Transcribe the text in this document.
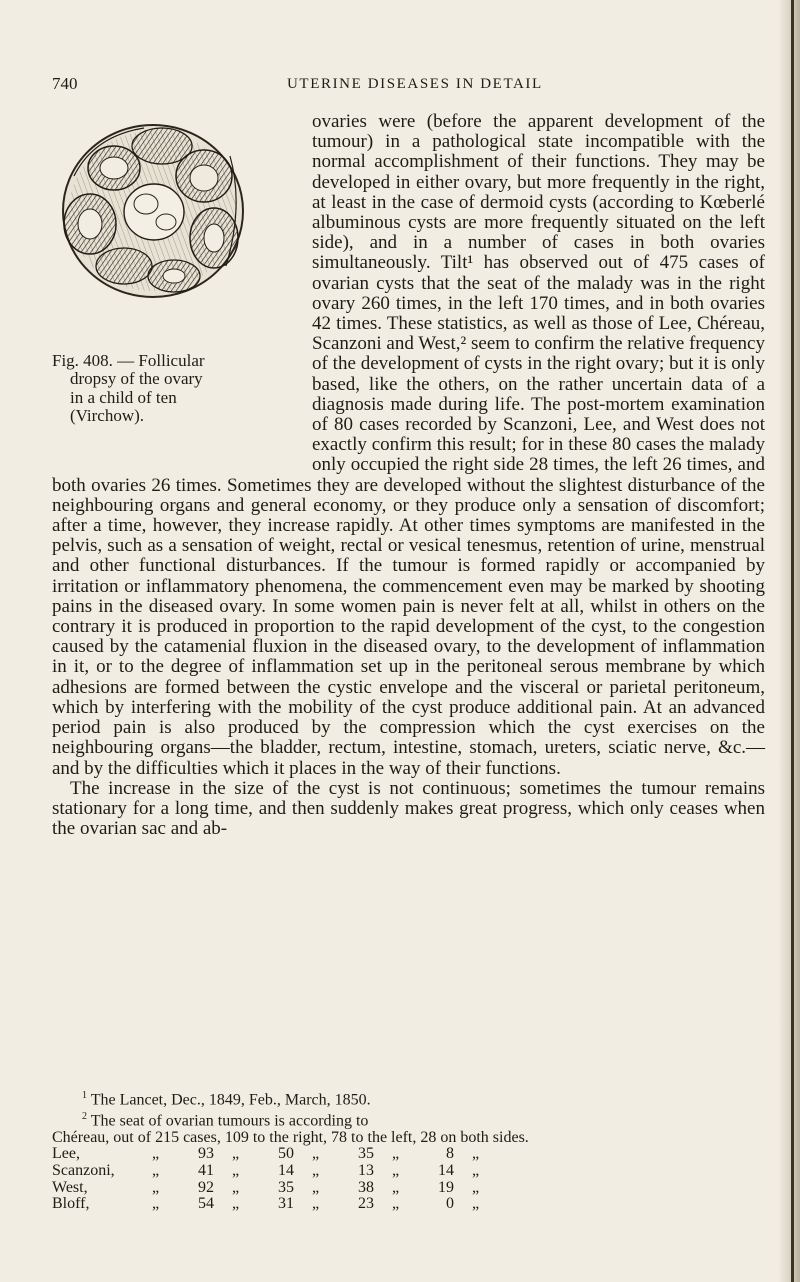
740	UTERINE DISEASES IN DETAIL
Fig. 408. — Follicular
dropsy of the ovary
in a child of ten
(Virchow).

ovaries were (before the apparent development of the tumour) in a pathological state incompatible with the normal accomplishment of their functions. They may be developed in either ovary, but more frequently in the right, at least in the case of dermoid cysts (according to Kœberlé albuminous cysts are more frequently situated on the left side), and in a number of cases in both ovaries simultaneously. Tilt¹ has observed out of 475 cases of ovarian cysts that the seat of the malady was in the right ovary 260 times, in the left 170 times, and in both ovaries 42 times. These statistics, as well as those of Lee, Chéreau, Scanzoni and West,² seem to confirm the relative frequency of the development of cysts in the right ovary; but it is only based, like the others, on the rather uncertain data of a diagnosis made during life. The post-mortem examination of 80 cases recorded by Scanzoni, Lee, and West does not exactly confirm this result; for in these 80 cases the malady only occupied the right side 28 times, the left 26 times, and both ovaries 26 times. Sometimes they are developed without the slightest disturbance of the neighbouring organs and general economy, or they produce only a sensation of discomfort; after a time, however, they increase rapidly. At other times symptoms are manifested in the pelvis, such as a sensation of weight, rectal or vesical tenesmus, retention of urine, menstrual and other functional disturbances. If the tumour is formed rapidly or accompanied by irritation or inflammatory phenomena, the commencement even may be marked by shooting pains in the diseased ovary. In some women pain is never felt at all, whilst in others on the contrary it is produced in proportion to the rapid development of the cyst, to the congestion caused by the catamenial fluxion in the diseased ovary, to the development of inflammation in it, or to the degree of inflammation set up in the peritoneal serous membrane by which adhesions are formed between the cystic envelope and the visceral or parietal peritoneum, which by interfering with the mobility of the cyst produce additional pain. At an advanced period pain is also produced by the compression which the cyst exercises on the neighbouring organs—the bladder, rectum, intestine, stomach, ureters, sciatic nerve, &c.—and by the difficulties which it places in the way of their functions.

The increase in the size of the cyst is not continuous; sometimes the tumour remains stationary for a long time, and then suddenly makes great progress, which only ceases when the ovarian sac and ab-

$^1$ The Lancet, Dec., 1849, Feb., March, 1850.
$^2$ The seat of ovarian tumours is according to
Chéreau, out of 215 cases, 109 to the right, 78 to the left, 28 on both sides.
Lee,	„	93	„	50	„	35	„	8	„
Scanzoni,	„	41	„	14	„	13	„	14	„
West,	„	92	„	35	„	38	„	19	„
Bloff,	„	54	„	31	„	23	„	0	„
